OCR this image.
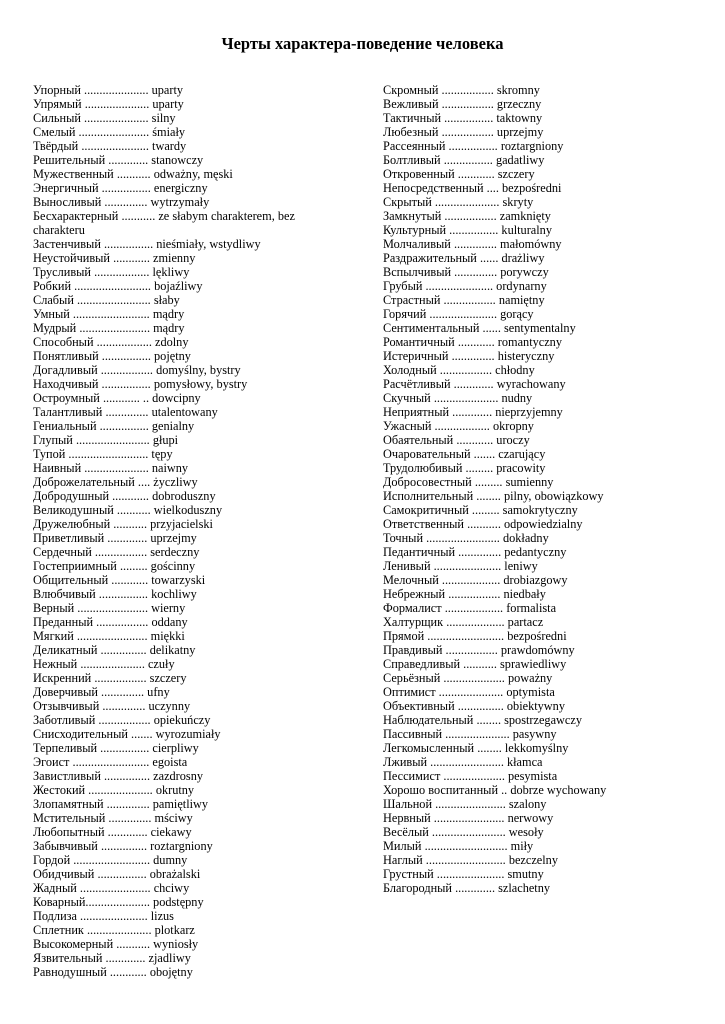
Черты характера-поведение человека
Упорный ..................... uparty
Упрямый ..................... uparty
Сильный ..................... silny
Смелый ....................... śmiały
Твёрдый ...................... twardy
Решительный ............. stanowczy
Мужественный ........... odważny, męski
Энергичный ................ energiczny
Выносливый .............. wytrzymały
Бесхарактерный ........... ze słabym charakterem, bez charakteru
Застенчивый ................ nieśmiały, wstydliwy
Неустойчивый ............ zmienny
Трусливый .................. lękliwy
Робкий ......................... bojaźliwy
Слабый ........................ słaby
Умный ......................... mądry
Мудрый ....................... mądry
Способный .................. zdolny
Понятливый ................ pojętny
Догадливый ................. domyślny, bystry
Находчивый ................ pomysłowy, bystry
Остроумный ............ .. dowcipny
Талантливый .............. utalentowany
Гениальный ................ genialny
Глупый ........................ głupi
Тупой .......................... tępy
Наивный ..................... naiwny
Доброжелательный .... życzliwy
Добродушный ............ dobroduszny
Великодушный ........... wielkoduszny
Дружелюбный ........... przyjacielski
Приветливый ............. uprzejmy
Сердечный ................. serdeczny
Гостеприимный ......... gościnny
Общительный ............ towarzyski
Влюбчивый ................ kochliwy
Верный ....................... wierny
Преданный ................. oddany
Мягкий ....................... miękki
Деликатный ............... delikatny
Нежный ..................... czuły
Искренний ................. szczery
Доверчивый .............. ufny
Отзывчивый .............. uczynny
Заботливый ................. opiekuńczy
Снисходительный ....... wyrozumiały
Терпеливый ................ cierpliwy
Эгоист ......................... egoista
Завистливый ............... zazdrosny
Жестокий ..................... okrutny
Злопамятный .............. pamiętliwy
Мстительный .............. mściwy
Любопытный ............. ciekawy
Забывчивый ............... roztargniony
Гордой ......................... dumny
Обидчивый ................ obrażalski
Жадный ....................... chciwy
Коварный..................... podstępny
Подлиза ...................... lizus
Сплетник ..................... plotkarz
Высокомерный ........... wyniosły
Язвительный ............. zjadliwy
Равнодушный ............ obojętny
Скромный ................. skromny
Вежливый ................. grzeczny
Тактичный ................ taktowny
Любезный ................. uprzejmy
Рассеянный ................ roztargniony
Болтливый ................ gadatliwy
Откровенный ............ szczery
Непосредственный .... bezpośredni
Скрытый ..................... skryty
Замкнутый ................. zamknięty
Культурный ................ kulturalny
Молчаливый .............. małomówny
Раздражительный ...... drażliwy
Вспылчивый .............. porywczy
Грубый ...................... ordynarny
Страстный ................. namiętny
Горячий ...................... gorący
Сентиментальный ...... sentymentalny
Романтичный ............ romantyczny
Истеричный .............. histeryczny
Холодный ................. chłodny
Расчётливый ............. wyrachowany
Скучный ..................... nudny
Неприятный ............. nieprzyjemny
Ужасный .................. okropny
Обаятельный ............ uroczy
Очаровательный ....... czarujący
Трудолюбивый ......... pracowity
Добросовестный ......... sumienny
Исполнительный ........ pilny, obowiązkowy
Самокритичный ......... samokrytyczny
Ответственный ........... odpowiedzialny
Точный ........................ dokładny
Педантичный .............. pedantyczny
Ленивый ...................... leniwy
Мелочный ................... drobiazgowy
Небрежный ................. niedbały
Формалист ................... formalista
Халтурщик ................... partacz
Прямой ......................... bezpośredni
Правдивый ................. prawdomówny
Справедливый ........... sprawiedliwy
Серьёзный .................... poważny
Оптимист ..................... optymista
Объективный ............... obiektywny
Наблюдательный ........ spostrzegawczy
Пассивный ..................... pasywny
Легкомысленный ........ lekkomyślny
Лживый ........................ kłamca
Пессимист .................... pesymista
Хорошо воспитанный .. dobrze wychowany
Шальной ....................... szalony
Нервный ....................... nerwowy
Весёлый ........................ wesoły
Милый ........................... miły
Наглый .......................... bezczelny
Грустный ...................... smutny
Благородный ............. szlachetny
